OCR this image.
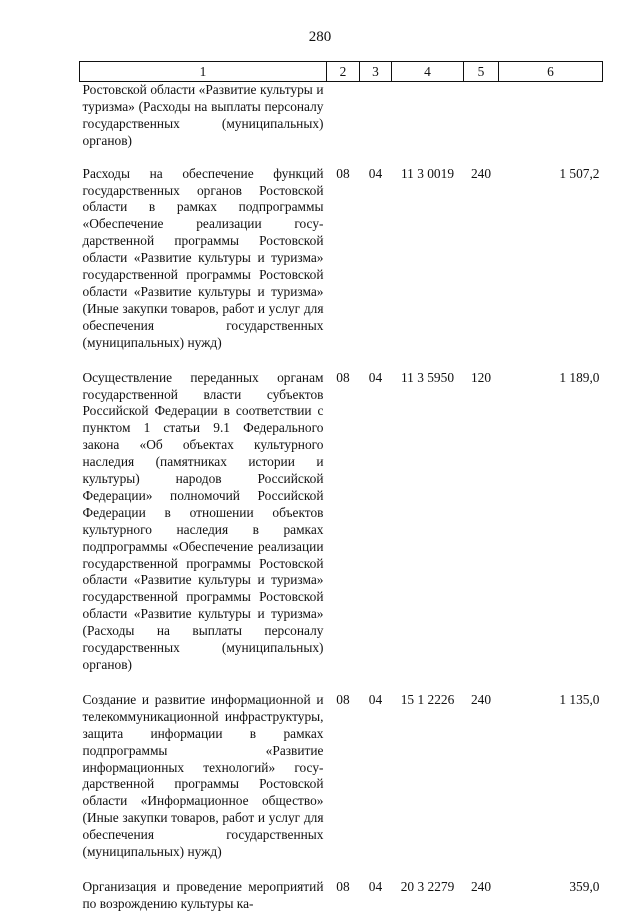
280
1	2	3	4	5	6
Ростовской области «Развитие культуры и туризма» (Расходы на выплаты персоналу государственных (муниципальных) органов)					
Расходы на обеспечение функций государственных органов Ростовской области в рамках подпрограммы «Обеспечение реализации государственной программы Ростовской области «Развитие культуры и туризма» государственной программы Ростовской области «Развитие культуры и туризма» (Иные закупки товаров, работ и услуг для обеспечения государственных (муниципальных) нужд)	08	04	11 3 0019	240	1 507,2
Осуществление переданных органам государственной власти субъектов Российской Федерации в соответствии с пунктом 1 статьи 9.1 Федерального закона «Об объектах культурного наследия (памятниках истории и культуры) народов Российской Федерации» полномочий Российской Федерации в отношении объектов культурного наследия в рамках подпрограммы «Обеспечение реализации государственной программы Ростовской области «Развитие культуры и туризма» государственной программы Ростовской области «Развитие культуры и туризма» (Расходы на выплаты персоналу государственных (муниципальных) органов)	08	04	11 3 5950	120	1 189,0
Создание и развитие информационной и телекоммуникационной инфраструктуры, защита информации в рамках подпрограммы «Развитие информационных технологий» государственной программы Ростовской области «Информационное общество» (Иные закупки товаров, работ и услуг для обеспечения государственных (муниципальных) нужд)	08	04	15 1 2226	240	1 135,0
Организация и проведение мероприятий по возрождению культуры ка-	08	04	20 3 2279	240	359,0
